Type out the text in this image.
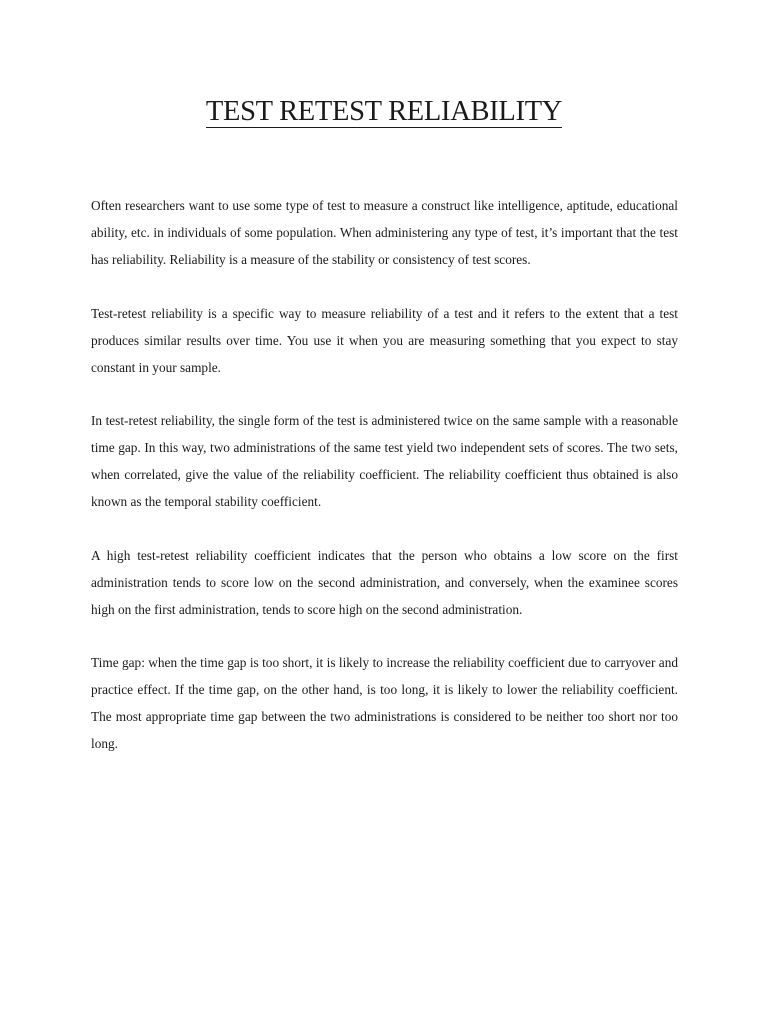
TEST RETEST RELIABILITY

Often researchers want to use some type of test to measure a construct like intelligence, aptitude, educational ability, etc. in individuals of some population. When administering any type of test, it’s important that the test has reliability. Reliability is a measure of the stability or consistency of test scores.

Test-retest reliability is a specific way to measure reliability of a test and it refers to the extent that a test produces similar results over time. You use it when you are measuring something that you expect to stay constant in your sample.

In test-retest reliability, the single form of the test is administered twice on the same sample with a reasonable time gap. In this way, two administrations of the same test yield two independent sets of scores. The two sets, when correlated, give the value of the reliability coefficient. The reliability coefficient thus obtained is also known as the temporal stability coefficient.

A high test-retest reliability coefficient indicates that the person who obtains a low score on the first administration tends to score low on the second administration, and conversely, when the examinee scores high on the first administration, tends to score high on the second administration.

Time gap: when the time gap is too short, it is likely to increase the reliability coefficient due to carryover and practice effect. If the time gap, on the other hand, is too long, it is likely to lower the reliability coefficient. The most appropriate time gap between the two administrations is considered to be neither too short nor too long.
